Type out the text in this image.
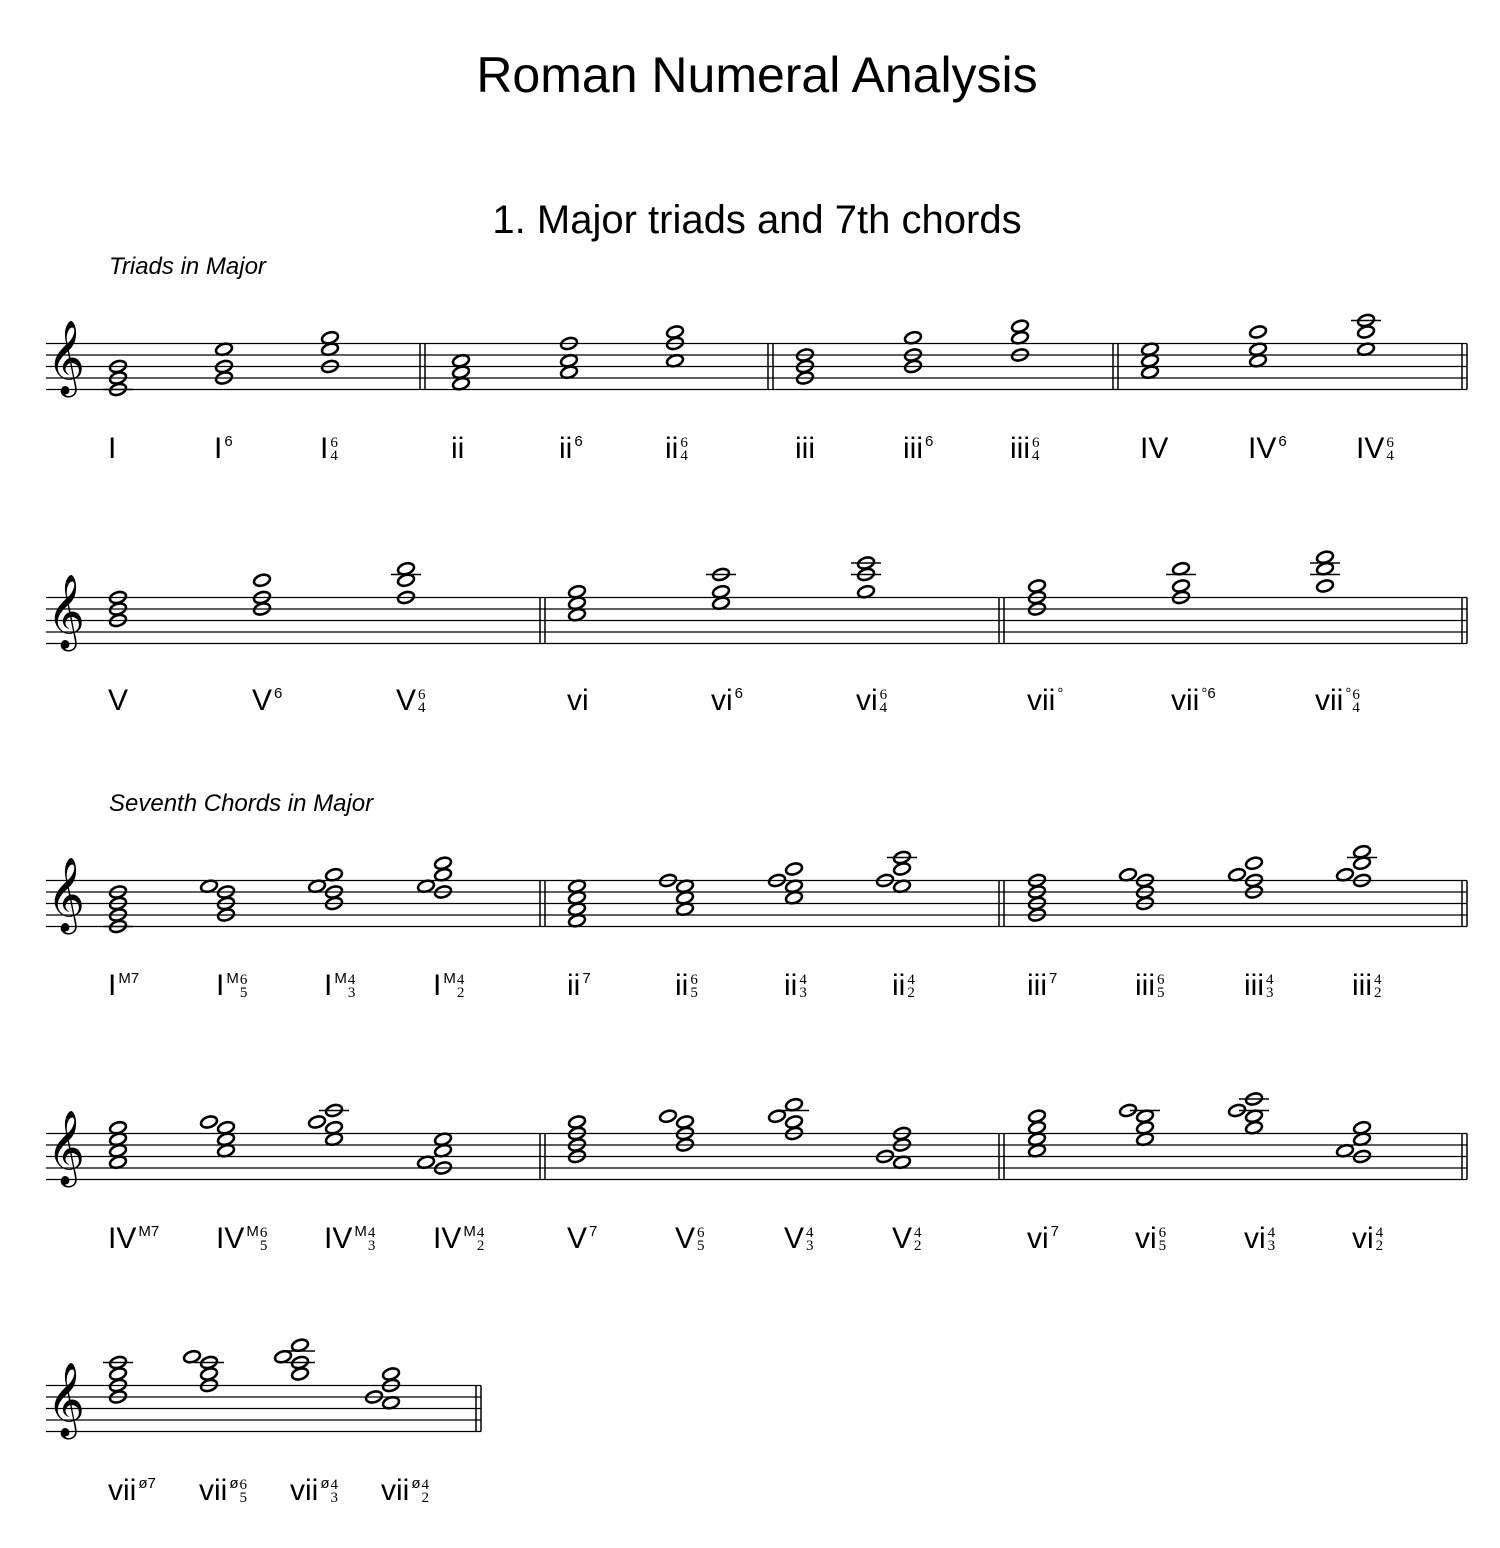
Roman Numeral Analysis
1. Major triads and 7th chords
Triads in Major
Seventh Chords in Major
𝄞
I	I 6	I 6
4	ii	ii 6	ii 6
4	iii	iii 6	iii 6
4	IV	IV 6 IV 6
4
𝄞
V	V 6	V 6
4	vi	vi 6	vi 6
4	vii °	vii °6	vii ° 6
4
𝄞
I M7	I M 6
5	I M 4
3	I M 4
2	ii 7	ii 6
5	ii 4
3	ii 4
2	iii 7	iii 6
5	iii 4
3	iii 4
2
𝄞
IV M7 IV M 6
5 IV M 4
3 IV M 4
2	V 7	V 6
5	V 4
3	V 4
2	vi 7	vi 6
5	vi 4
3	vi 4
2
𝄞
vii ø7 vii ø 6
5 vii ø 4
3 vii ø 4
2
